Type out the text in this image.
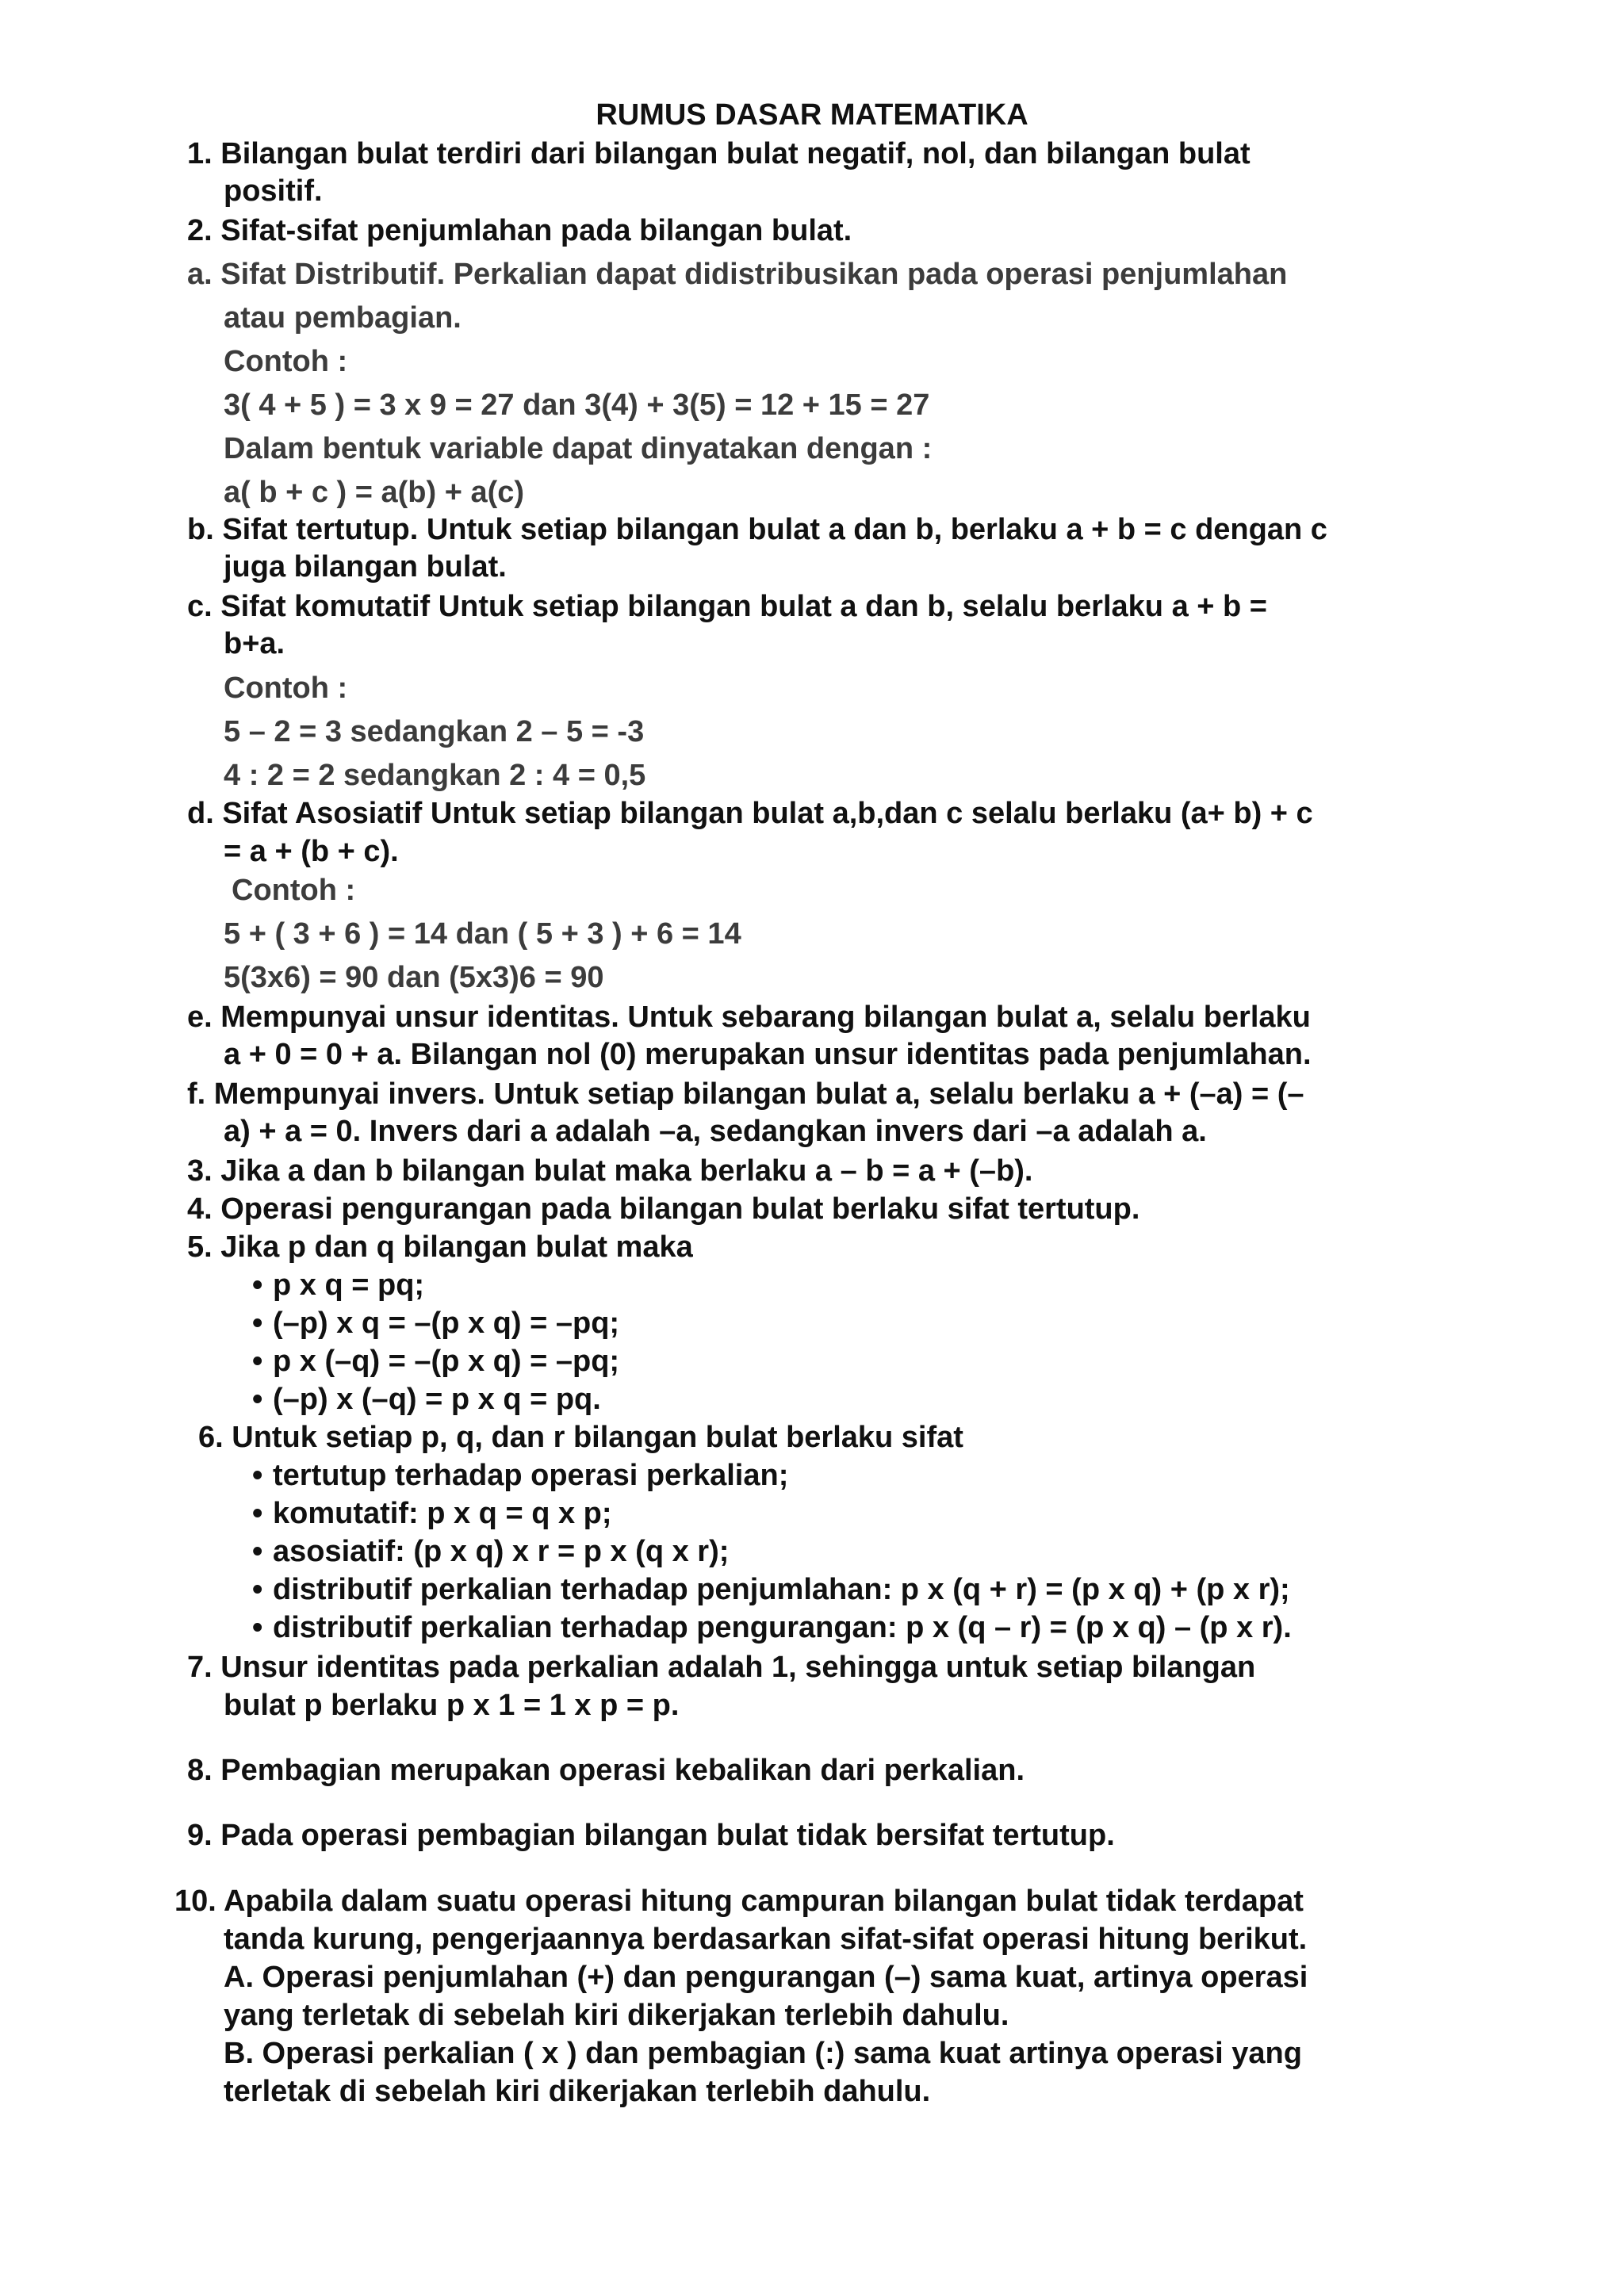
RUMUS DASAR MATEMATIKA
1. Bilangan bulat terdiri dari bilangan bulat negatif, nol, dan bilangan bulat
positif.
2. Sifat-sifat penjumlahan pada bilangan bulat.
a. Sifat Distributif. Perkalian dapat didistribusikan pada operasi penjumlahan
atau pembagian.
Contoh :
3( 4 + 5 ) = 3 x 9 = 27 dan 3(4) + 3(5) = 12 + 15 = 27
Dalam bentuk variable dapat dinyatakan dengan :
a( b + c ) = a(b) + a(c)
b. Sifat tertutup. Untuk setiap bilangan bulat a dan b, berlaku a + b = c dengan c
juga bilangan bulat.
c. Sifat komutatif Untuk setiap bilangan bulat a dan b, selalu berlaku a + b =
b+a.
Contoh :
5 – 2 = 3 sedangkan 2 – 5 = -3
4 : 2 = 2 sedangkan 2 : 4 = 0,5
d. Sifat Asosiatif Untuk setiap bilangan bulat a,b,dan c selalu berlaku (a+ b) + c
= a + (b + c).
Contoh :
5 + ( 3 + 6 ) = 14 dan ( 5 + 3 ) + 6 = 14
5(3x6) = 90 dan (5x3)6 = 90
e. Mempunyai unsur identitas. Untuk sebarang bilangan bulat a, selalu berlaku
a + 0 = 0 + a. Bilangan nol (0) merupakan unsur identitas pada penjumlahan.
f. Mempunyai invers. Untuk setiap bilangan bulat a, selalu berlaku a + (–a) = (–
a) + a = 0. Invers dari a adalah –a, sedangkan invers dari –a adalah a.
3. Jika a dan b bilangan bulat maka berlaku a – b = a + (–b).
4. Operasi pengurangan pada bilangan bulat berlaku sifat tertutup.
5. Jika p dan q bilangan bulat maka
• p x q = pq;
• (–p) x q = –(p x q) = –pq;
• p x (–q) = –(p x q) = –pq;
• (–p) x (–q) = p x q = pq.
6. Untuk setiap p, q, dan r bilangan bulat berlaku sifat
• tertutup terhadap operasi perkalian;
• komutatif: p x q = q x p;
• asosiatif: (p x q) x r = p x (q x r);
• distributif perkalian terhadap penjumlahan: p x (q + r) = (p x q) + (p x r);
• distributif perkalian terhadap pengurangan: p x (q – r) = (p x q) – (p x r).
7. Unsur identitas pada perkalian adalah 1, sehingga untuk setiap bilangan
bulat p berlaku p x 1 = 1 x p = p.
8. Pembagian merupakan operasi kebalikan dari perkalian.
9. Pada operasi pembagian bilangan bulat tidak bersifat tertutup.
10. Apabila dalam suatu operasi hitung campuran bilangan bulat tidak terdapat
tanda kurung, pengerjaannya berdasarkan sifat-sifat operasi hitung berikut.
A. Operasi penjumlahan (+) dan pengurangan (–) sama kuat, artinya operasi
yang terletak di sebelah kiri dikerjakan terlebih dahulu.
B. Operasi perkalian ( x ) dan pembagian (:) sama kuat artinya operasi yang
terletak di sebelah kiri dikerjakan terlebih dahulu.
